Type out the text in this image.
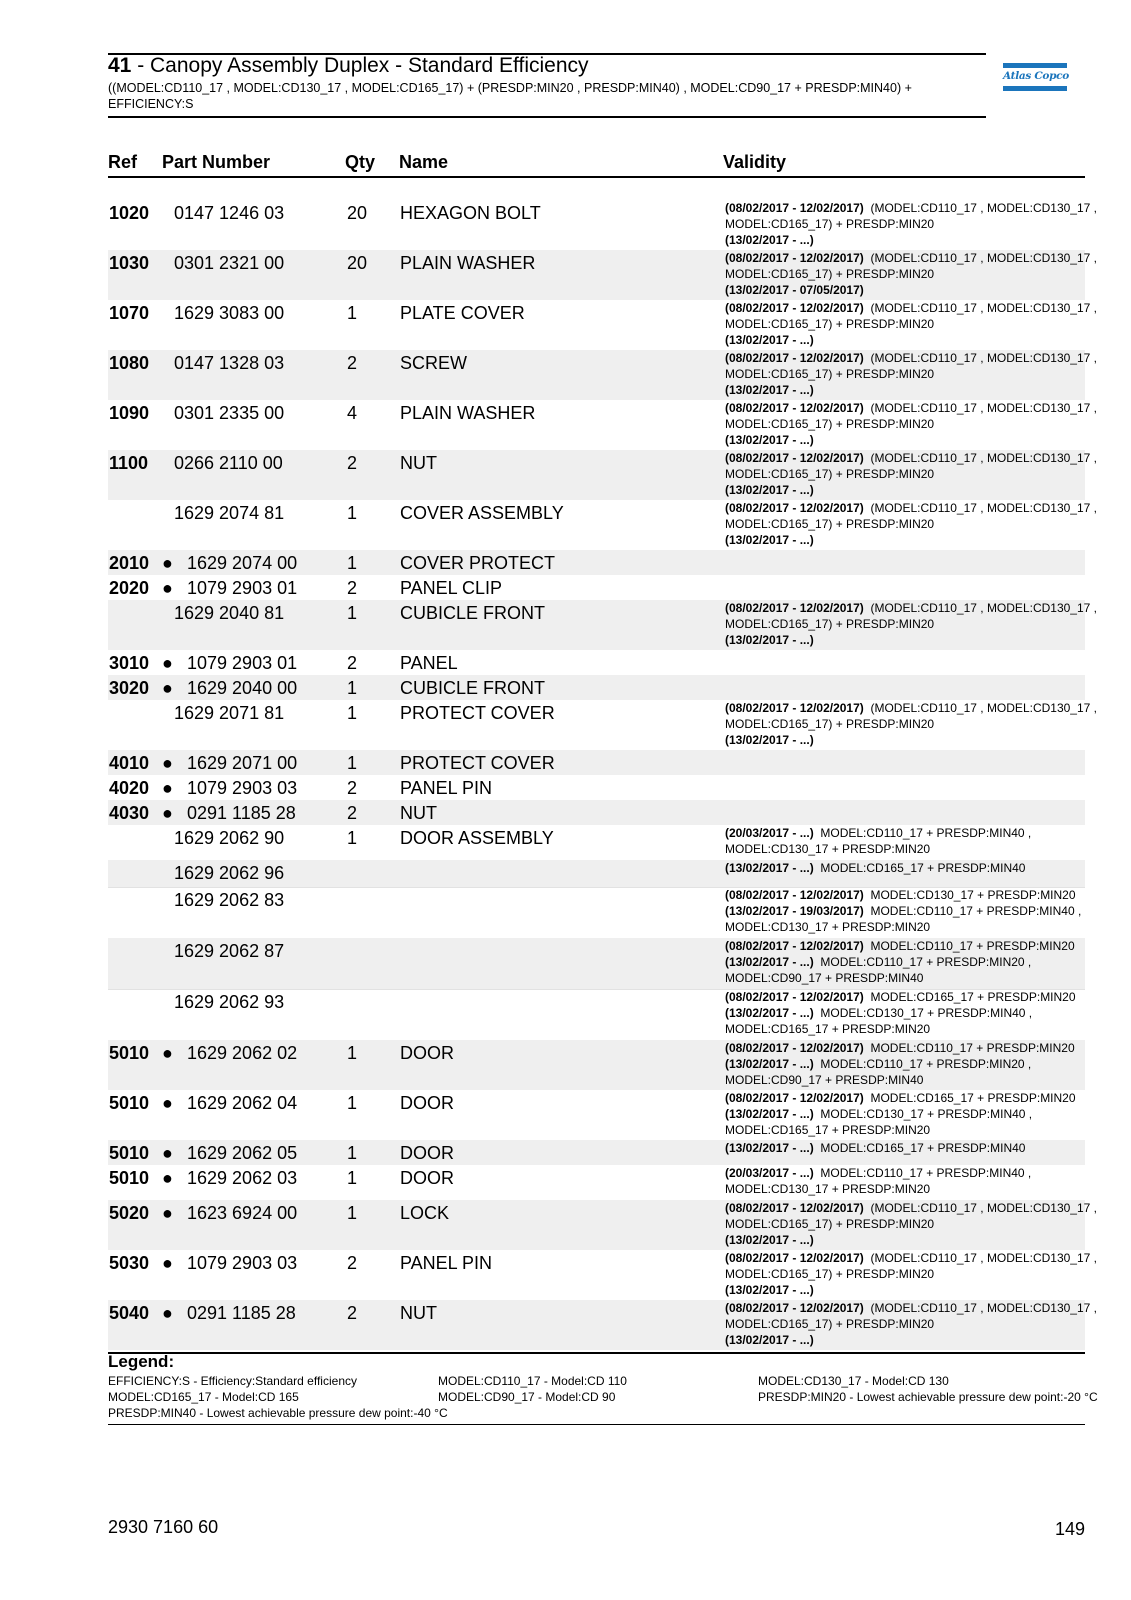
41 - Canopy Assembly Duplex - Standard Efficiency
((MODEL:CD110_17 , MODEL:CD130_17 , MODEL:CD165_17) + (PRESDP:MIN20 , PRESDP:MIN40) , MODEL:CD90_17 + PRESDP:MIN40) + EFFICIENCY:S
Atlas Copco
Ref Part Number	Qty Name	Validity
1020 0147 1246 03	20 HEXAGON BOLT	(08/02/2017 - 12/02/2017)  (MODEL:CD110_17 , MODEL:CD130_17 ,
MODEL:CD165_17) + PRESDP:MIN20
(13/02/2017 - ...)
1030 0301 2321 00	20 PLAIN WASHER	(08/02/2017 - 12/02/2017)  (MODEL:CD110_17 , MODEL:CD130_17 ,
MODEL:CD165_17) + PRESDP:MIN20
(13/02/2017 - 07/05/2017)
1070 1629 3083 00	1 PLATE COVER	(08/02/2017 - 12/02/2017)  (MODEL:CD110_17 , MODEL:CD130_17 ,
MODEL:CD165_17) + PRESDP:MIN20
(13/02/2017 - ...)
1080 0147 1328 03	2 SCREW	(08/02/2017 - 12/02/2017)  (MODEL:CD110_17 , MODEL:CD130_17 ,
MODEL:CD165_17) + PRESDP:MIN20
(13/02/2017 - ...)
1090 0301 2335 00	4 PLAIN WASHER	(08/02/2017 - 12/02/2017)  (MODEL:CD110_17 , MODEL:CD130_17 ,
MODEL:CD165_17) + PRESDP:MIN20
(13/02/2017 - ...)
1100 0266 2110 00	2 NUT	(08/02/2017 - 12/02/2017)  (MODEL:CD110_17 , MODEL:CD130_17 ,
MODEL:CD165_17) + PRESDP:MIN20
(13/02/2017 - ...)
1629 2074 81	1 COVER ASSEMBLY	(08/02/2017 - 12/02/2017)  (MODEL:CD110_17 , MODEL:CD130_17 ,
MODEL:CD165_17) + PRESDP:MIN20
(13/02/2017 - ...)
2010 ● 1629 2074 00	1 COVER PROTECT
2020 ● 1079 2903 01	2 PANEL CLIP
1629 2040 81	1 CUBICLE FRONT	(08/02/2017 - 12/02/2017)  (MODEL:CD110_17 , MODEL:CD130_17 ,
MODEL:CD165_17) + PRESDP:MIN20
(13/02/2017 - ...)
3010 ● 1079 2903 01	2 PANEL
3020 ● 1629 2040 00	1 CUBICLE FRONT
1629 2071 81	1 PROTECT COVER	(08/02/2017 - 12/02/2017)  (MODEL:CD110_17 , MODEL:CD130_17 ,
MODEL:CD165_17) + PRESDP:MIN20
(13/02/2017 - ...)
4010 ● 1629 2071 00	1 PROTECT COVER
4020 ● 1079 2903 03	2 PANEL PIN
4030 ● 0291 1185 28	2 NUT
1629 2062 90	1 DOOR ASSEMBLY	(20/03/2017 - ...)  MODEL:CD110_17 + PRESDP:MIN40 ,
MODEL:CD130_17 + PRESDP:MIN20
1629 2062 96	(13/02/2017 - ...)  MODEL:CD165_17 + PRESDP:MIN40
1629 2062 83	(08/02/2017 - 12/02/2017)  MODEL:CD130_17 + PRESDP:MIN20
(13/02/2017 - 19/03/2017)  MODEL:CD110_17 + PRESDP:MIN40 ,
MODEL:CD130_17 + PRESDP:MIN20
1629 2062 87	(08/02/2017 - 12/02/2017)  MODEL:CD110_17 + PRESDP:MIN20
(13/02/2017 - ...)  MODEL:CD110_17 + PRESDP:MIN20 ,
MODEL:CD90_17 + PRESDP:MIN40
1629 2062 93	(08/02/2017 - 12/02/2017)  MODEL:CD165_17 + PRESDP:MIN20
(13/02/2017 - ...)  MODEL:CD130_17 + PRESDP:MIN40 ,
MODEL:CD165_17 + PRESDP:MIN20
5010 ● 1629 2062 02	1 DOOR	(08/02/2017 - 12/02/2017)  MODEL:CD110_17 + PRESDP:MIN20
(13/02/2017 - ...)  MODEL:CD110_17 + PRESDP:MIN20 ,
MODEL:CD90_17 + PRESDP:MIN40
5010 ● 1629 2062 04	1 DOOR	(08/02/2017 - 12/02/2017)  MODEL:CD165_17 + PRESDP:MIN20
(13/02/2017 - ...)  MODEL:CD130_17 + PRESDP:MIN40 ,
MODEL:CD165_17 + PRESDP:MIN20
5010 ● 1629 2062 05	1 DOOR	(13/02/2017 - ...)  MODEL:CD165_17 + PRESDP:MIN40
5010 ● 1629 2062 03	1 DOOR	(20/03/2017 - ...)  MODEL:CD110_17 + PRESDP:MIN40 ,
MODEL:CD130_17 + PRESDP:MIN20
5020 ● 1623 6924 00	1 LOCK	(08/02/2017 - 12/02/2017)  (MODEL:CD110_17 , MODEL:CD130_17 ,
MODEL:CD165_17) + PRESDP:MIN20
(13/02/2017 - ...)
5030 ● 1079 2903 03	2 PANEL PIN	(08/02/2017 - 12/02/2017)  (MODEL:CD110_17 , MODEL:CD130_17 ,
MODEL:CD165_17) + PRESDP:MIN20
(13/02/2017 - ...)
5040 ● 0291 1185 28	2 NUT	(08/02/2017 - 12/02/2017)  (MODEL:CD110_17 , MODEL:CD130_17 ,
MODEL:CD165_17) + PRESDP:MIN20
(13/02/2017 - ...)
Legend:
EFFICIENCY:S - Efficiency:Standard efficiency	MODEL:CD110_17 - Model:CD 110	MODEL:CD130_17 - Model:CD 130
MODEL:CD165_17 - Model:CD 165	MODEL:CD90_17 - Model:CD 90	PRESDP:MIN20 - Lowest achievable pressure dew point:-20 °C
PRESDP:MIN40 - Lowest achievable pressure dew point:-40 °C
2930 7160 60	149
